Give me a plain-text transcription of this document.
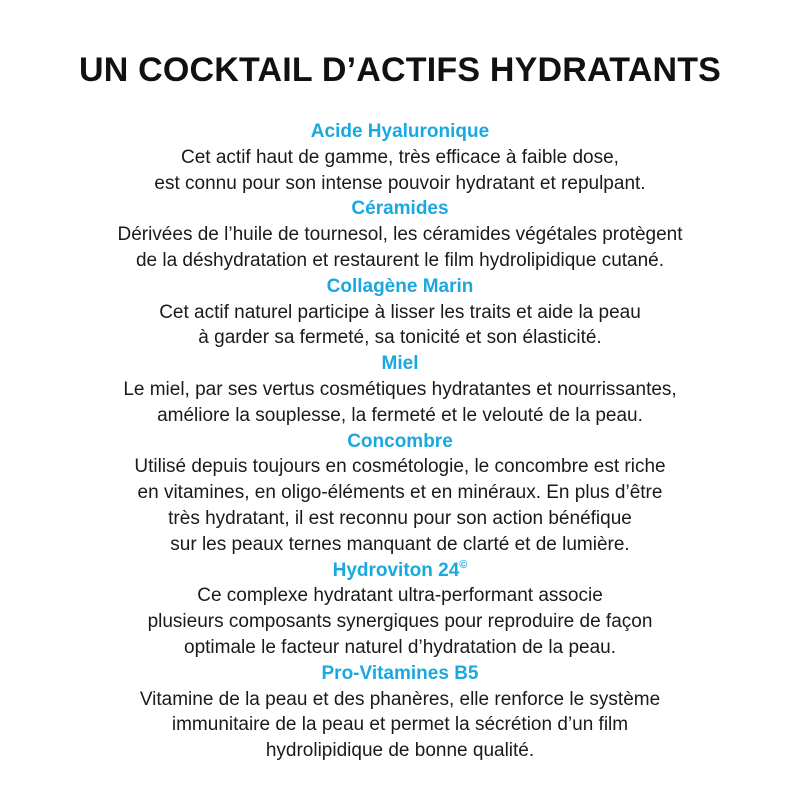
UN COCKTAIL D’ACTIFS HYDRATANTS
Acide Hyaluronique
Cet actif haut de gamme, très efficace à faible dose,
est connu pour son intense pouvoir hydratant et repulpant.
Céramides
Dérivées de l’huile de tournesol, les céramides végétales protègent
de la déshydratation et restaurent le film hydrolipidique cutané.
Collagène Marin
Cet actif naturel participe à lisser les traits et aide la peau
à garder sa fermeté, sa tonicité et son élasticité.
Miel
Le miel, par ses vertus cosmétiques hydratantes et nourrissantes,
améliore la souplesse, la fermeté et le velouté de la peau.
Concombre
Utilisé depuis toujours en cosmétologie, le concombre est riche
en vitamines, en oligo-éléments et en minéraux. En plus d’être
très hydratant, il est reconnu pour son action bénéfique
sur les peaux ternes manquant de clarté et de lumière.
Hydroviton 24©
Ce complexe hydratant ultra-performant associe
plusieurs composants synergiques pour reproduire de façon
optimale le facteur naturel d’hydratation de la peau.
Pro-Vitamines B5
Vitamine de la peau et des phanères, elle renforce le système
immunitaire de la peau et permet la sécrétion d’un film
hydrolipidique de bonne qualité.
